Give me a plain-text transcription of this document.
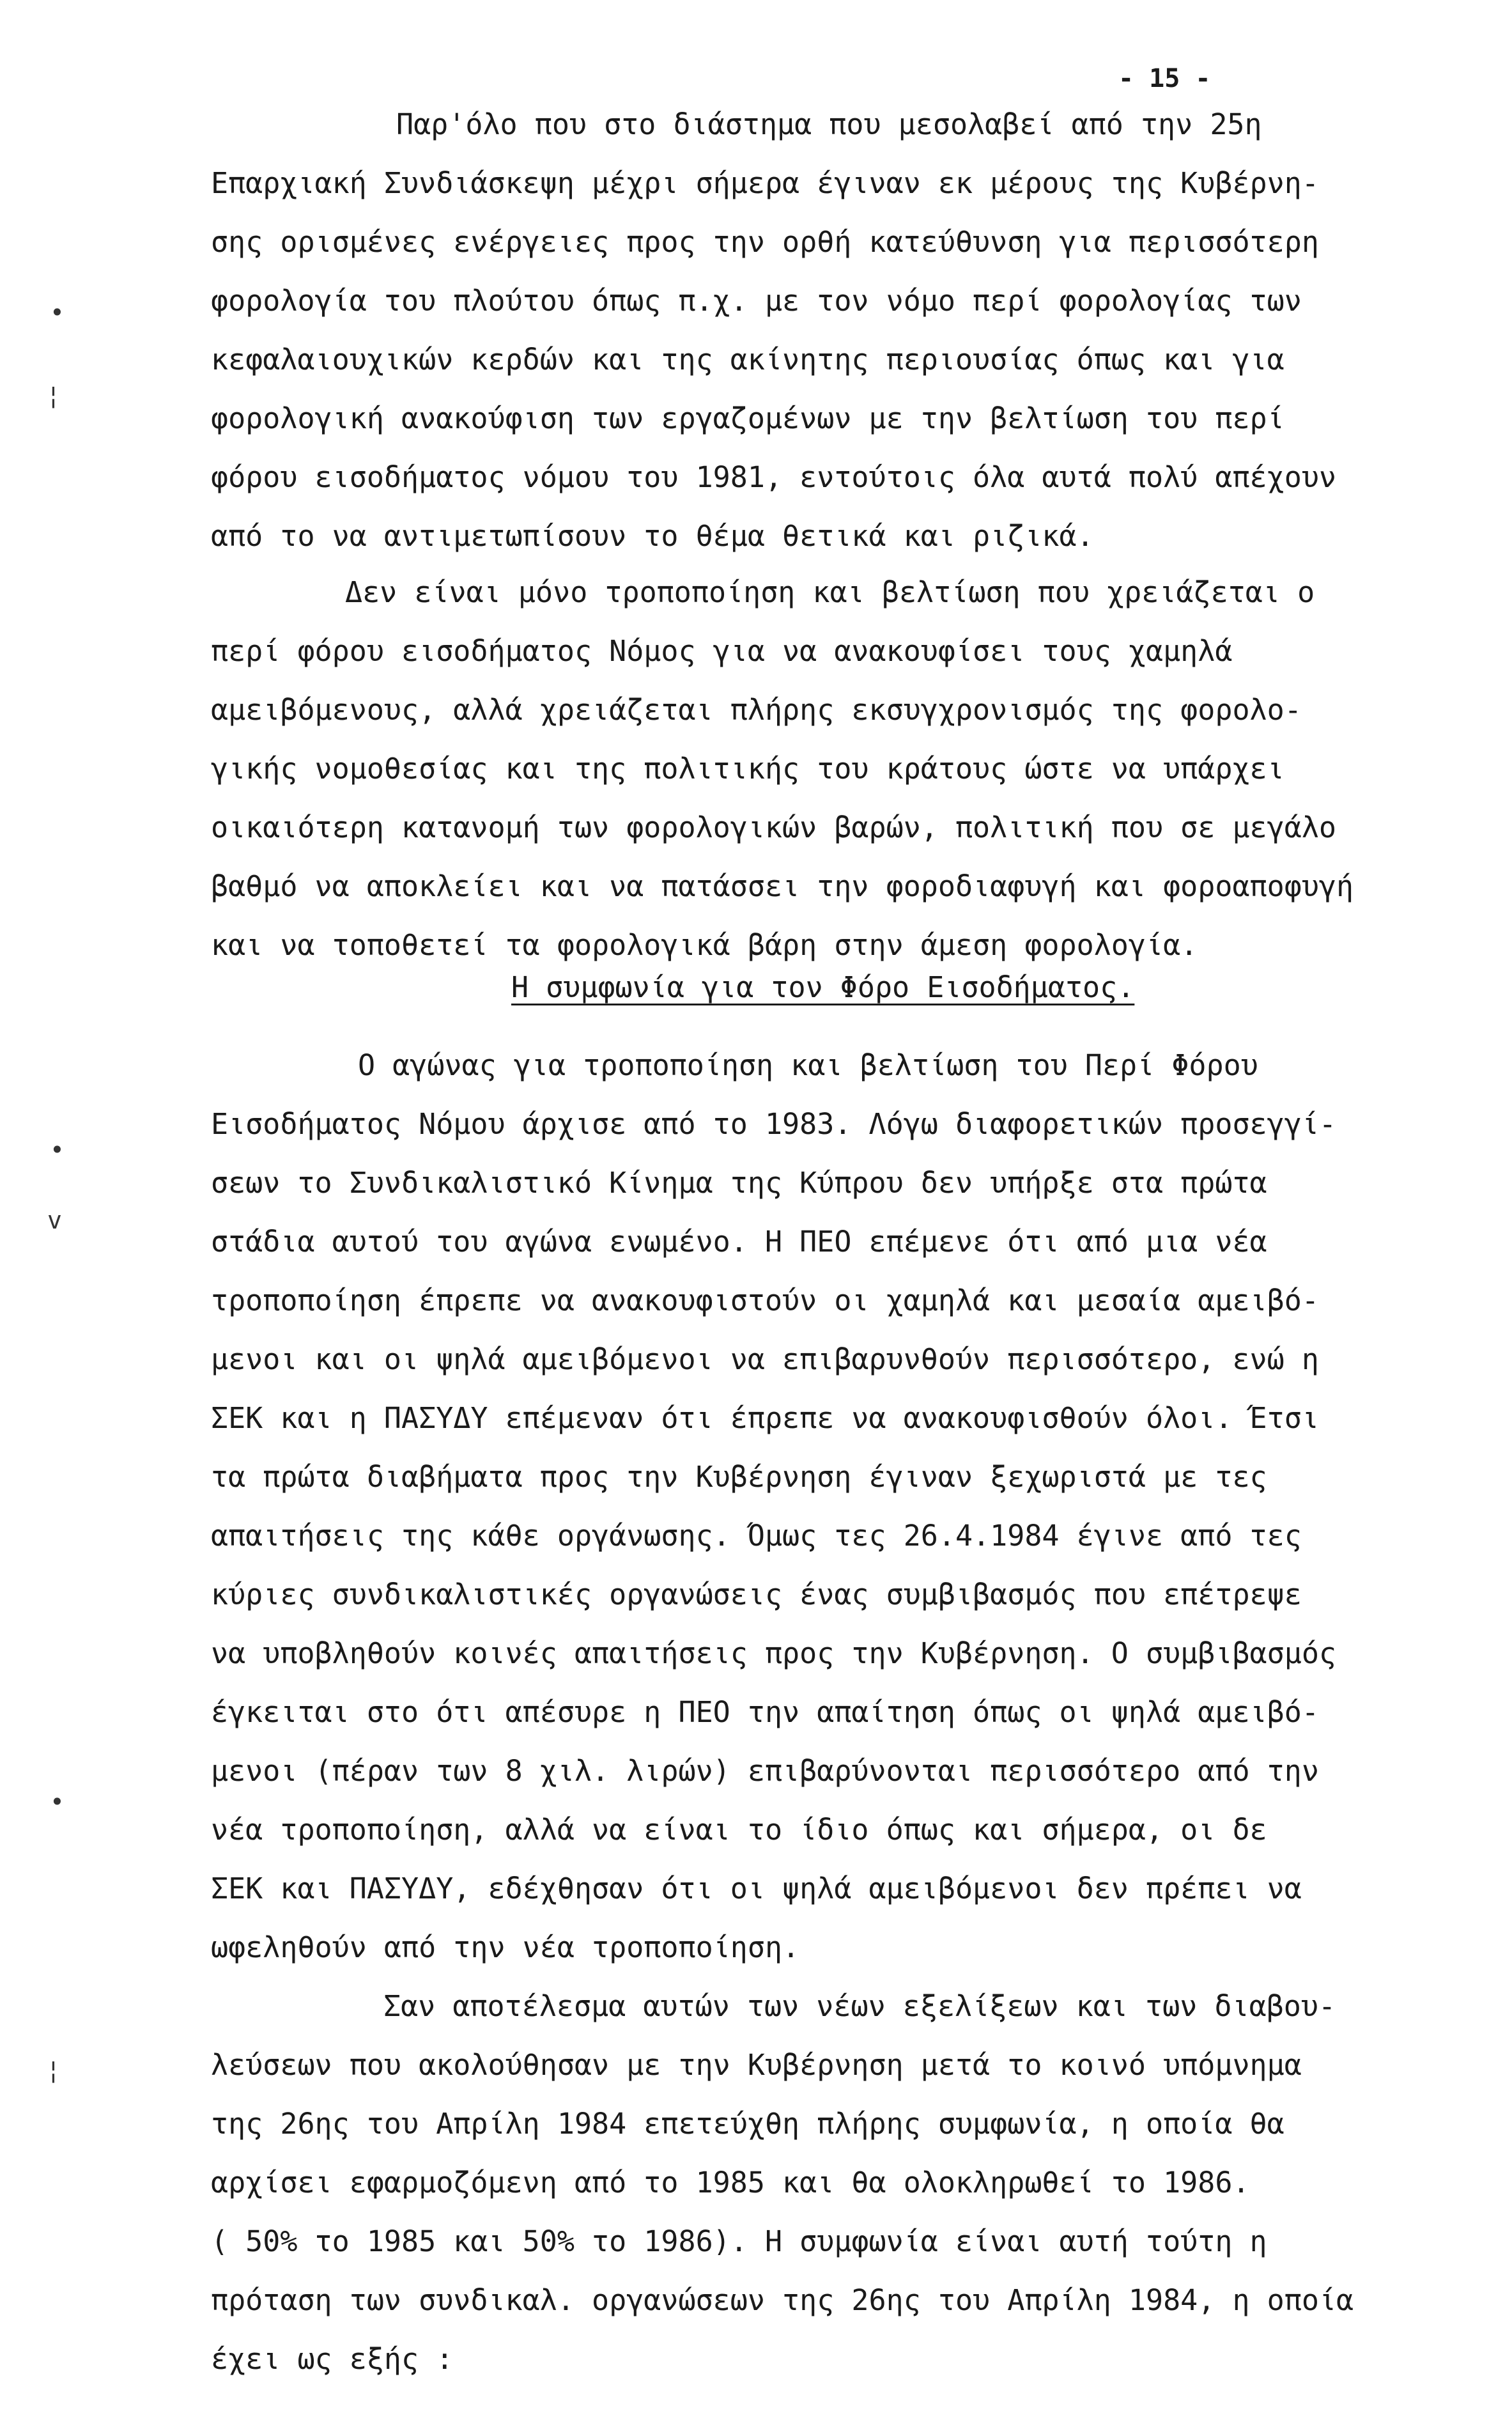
- 15 -
Παρ'όλο που στο διάστημα που μεσολαβεί από την 25η
Επαρχιακή Συνδιάσκεψη μέχρι σήμερα έγιναν εκ μέρους της Κυβέρνη-
σης ορισμένες ενέργειες προς την ορθή κατεύθυνση για περισσότερη
φορολογία του πλούτου όπως π.χ. με τον νόμο περί φορολογίας των
κεφαλαιουχικών κερδών και της ακίνητης περιουσίας όπως και για
φορολογική ανακούφιση των εργαζομένων με την βελτίωση του περί
φόρου εισοδήματος νόμου του 1981, εντούτοις όλα αυτά πολύ απέχουν
από το να αντιμετωπίσουν το θέμα θετικά και ριζικά.
Δεν είναι μόνο τροποποίηση και βελτίωση που χρειάζεται ο
περί φόρου εισοδήματος Νόμος για να ανακουφίσει τους χαμηλά
αμειβόμενους, αλλά χρειάζεται πλήρης εκσυγχρονισμός της φορολο-
γικής νομοθεσίας και της πολιτικής του κράτους ώστε να υπάρχει
οικαιότερη κατανομή των φορολογικών βαρών, πολιτική που σε μεγάλο
βαθμό να αποκλείει και να πατάσσει την φοροδιαφυγή και φοροαποφυγή
και να τοποθετεί τα φορολογικά βάρη στην άμεση φορολογία.
Η συμφωνία για τον Φόρο Εισοδήματος.
Ο αγώνας για τροποποίηση και βελτίωση του Περί Φόρου
Εισοδήματος Νόμου άρχισε από το 1983. Λόγω διαφορετικών προσεγγί-
σεων το Συνδικαλιστικό Κίνημα της Κύπρου δεν υπήρξε στα πρώτα
στάδια αυτού του αγώνα ενωμένο. Η ΠΕΟ επέμενε ότι από μια νέα
τροποποίηση έπρεπε να ανακουφιστούν οι χαμηλά και μεσαία αμειβό-
μενοι και οι ψηλά αμειβόμενοι να επιβαρυνθούν περισσότερο, ενώ η
ΣΕΚ και η ΠΑΣΥΔΥ επέμεναν ότι έπρεπε να ανακουφισθούν όλοι. Έτσι
τα πρώτα διαβήματα προς την Κυβέρνηση έγιναν ξεχωριστά με τες
απαιτήσεις της κάθε οργάνωσης. Όμως τες 26.4.1984 έγινε από τες
κύριες συνδικαλιστικές οργανώσεις ένας συμβιβασμός που επέτρεψε
να υποβληθούν κοινές απαιτήσεις προς την Κυβέρνηση. Ο συμβιβασμός
έγκειται στο ότι απέσυρε η ΠΕΟ την απαίτηση όπως οι ψηλά αμειβό-
μενοι (πέραν των 8 χιλ. λιρών) επιβαρύνονται περισσότερο από την
νέα τροποποίηση, αλλά να είναι το ίδιο όπως και σήμερα, οι δε
ΣΕΚ και ΠΑΣΥΔΥ, εδέχθησαν ότι οι ψηλά αμειβόμενοι δεν πρέπει να
ωφεληθούν από την νέα τροποποίηση.
Σαν αποτέλεσμα αυτών των νέων εξελίξεων και των διαβου-
λεύσεων που ακολούθησαν με την Κυβέρνηση μετά το κοινό υπόμνημα
της 26ης του Απρίλη 1984 επετεύχθη πλήρης συμφωνία, η οποία θα
αρχίσει εφαρμοζόμενη από το 1985 και θα ολοκληρωθεί το 1986.
( 50% το 1985 και 50% το 1986). Η συμφωνία είναι αυτή τούτη η
πρόταση των συνδικαλ. οργανώσεων της 26ης του Απρίλη 1984, η οποία
έχει ως εξής :
•
¦
•
v
•
¦
